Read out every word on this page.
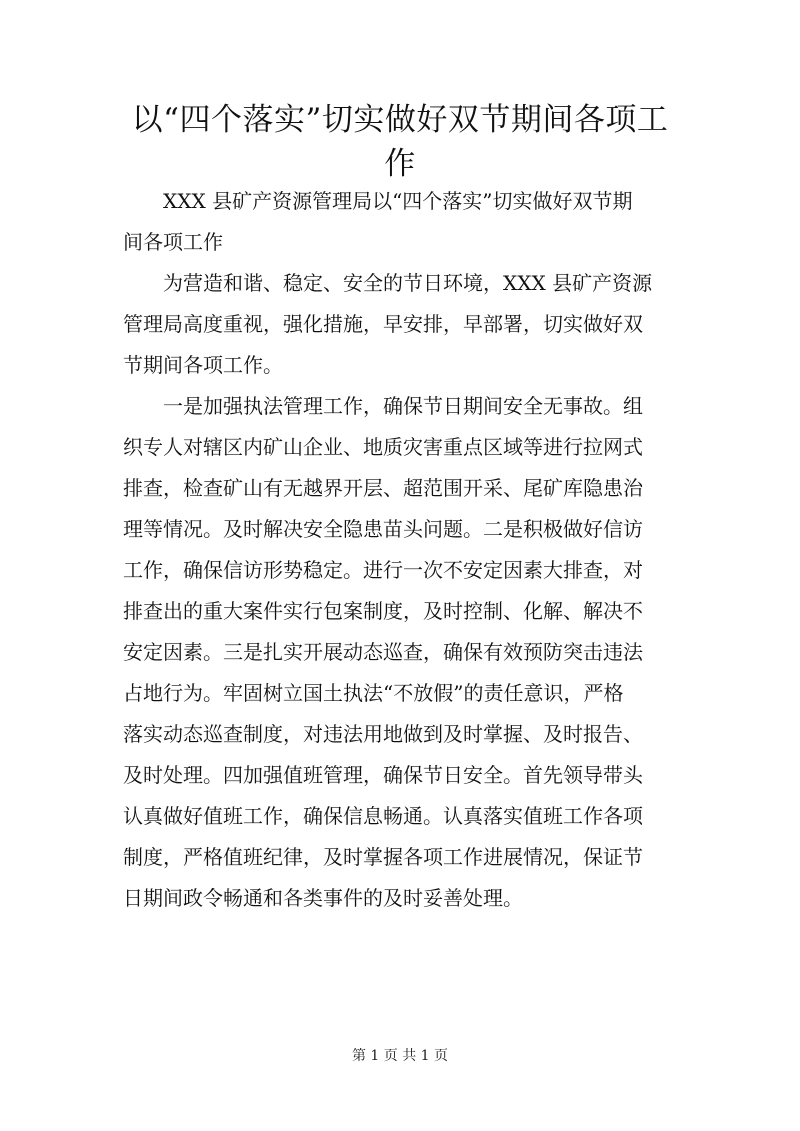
以“四个落实”切实做好双节期间各项工
作

XXX 县矿产资源管理局以“四个落实”切实做好双节期
间各项工作

为营造和谐、稳定、安全的节日环境，XXX 县矿产资源
管理局高度重视，强化措施，早安排，早部署，切实做好双
节期间各项工作。

一是加强执法管理工作，确保节日期间安全无事故。组
织专人对辖区内矿山企业、地质灾害重点区域等进行拉网式
排查，检查矿山有无越界开层、超范围开采、尾矿库隐患治
理等情况。及时解决安全隐患苗头问题。二是积极做好信访
工作，确保信访形势稳定。进行一次不安定因素大排查，对
排查出的重大案件实行包案制度，及时控制、化解、解决不
安定因素。三是扎实开展动态巡查，确保有效预防突击违法
占地行为。牢固树立国土执法“不放假”的责任意识，严格
落实动态巡查制度，对违法用地做到及时掌握、及时报告、
及时处理。四加强值班管理，确保节日安全。首先领导带头
认真做好值班工作，确保信息畅通。认真落实值班工作各项
制度，严格值班纪律，及时掌握各项工作进展情况，保证节
日期间政令畅通和各类事件的及时妥善处理。

第 1 页 共 1 页
